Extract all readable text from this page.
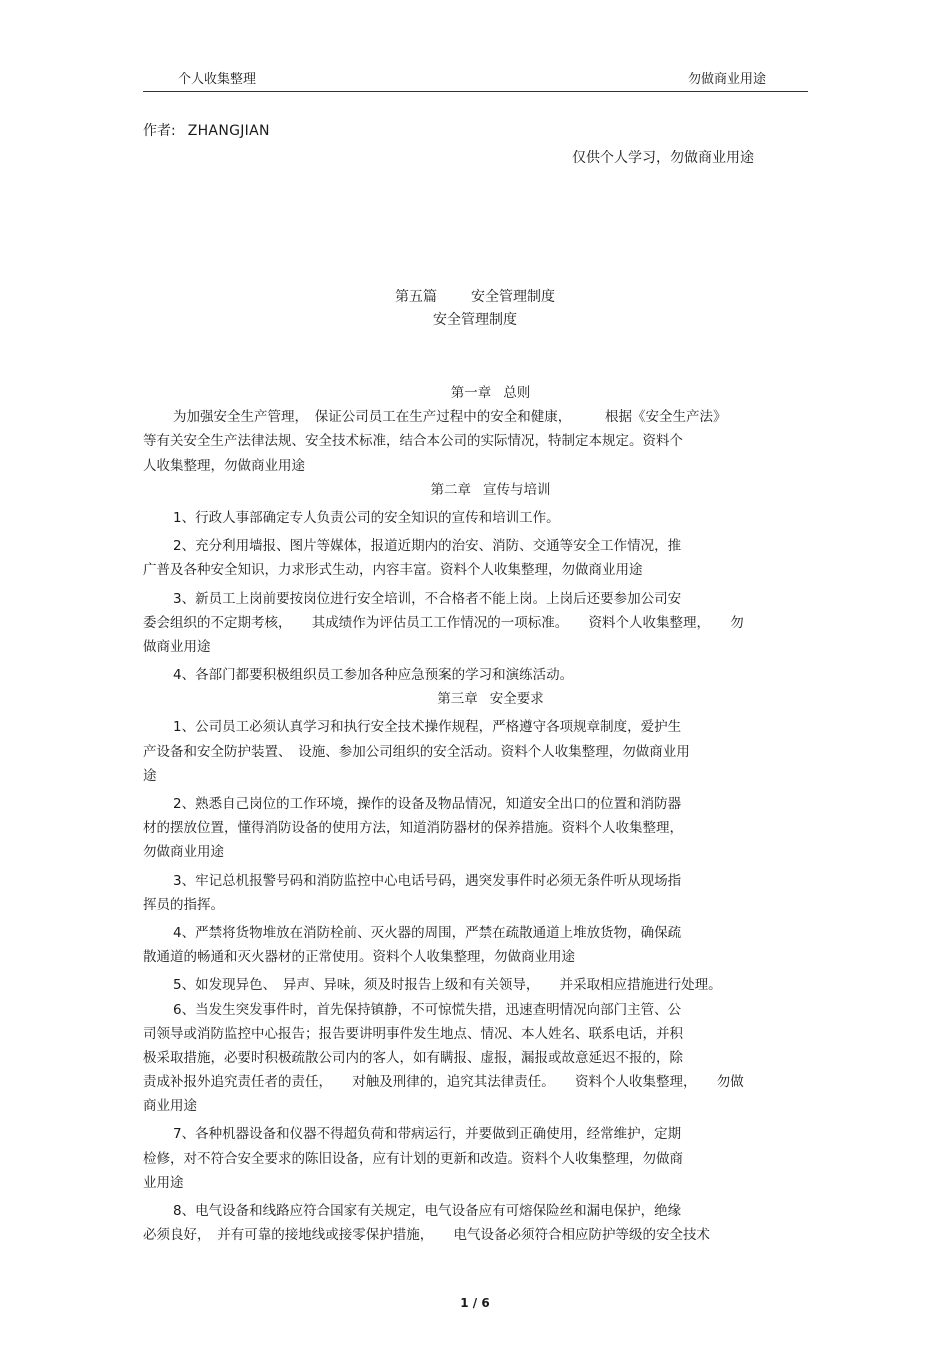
个人收集整理	勿做商业用途
作者: ZHANGJIAN
仅供个人学习，勿做商业用途
第五篇 安全管理制度
安全管理制度
第一章 总则
为加强安全生产管理，　保证公司员工在生产过程中的安全和健康，　　　根据《安全生产法》
等有关安全生产法律法规、安全技术标准，结合本公司的实际情况，特制定本规定。资料个
人收集整理，勿做商业用途
第二章 宣传与培训
1、行政人事部确定专人负责公司的安全知识的宣传和培训工作。
2、充分利用墙报、图片等媒体，报道近期内的治安、消防、交通等安全工作情况，推
广普及各种安全知识，力求形式生动，内容丰富。资料个人收集整理，勿做商业用途
3、新员工上岗前要按岗位进行安全培训，不合格者不能上岗。上岗后还要参加公司安
委会组织的不定期考核，　　其成绩作为评估员工工作情况的一项标准。　　资料个人收集整理，　　勿
做商业用途
4、各部门都要积极组织员工参加各种应急预案的学习和演练活动。
第三章 安全要求
1、公司员工必须认真学习和执行安全技术操作规程，严格遵守各项规章制度，爱护生
产设备和安全防护装置、　设施、参加公司组织的安全活动。资料个人收集整理，勿做商业用
途
2、熟悉自己岗位的工作环境，操作的设备及物品情况，知道安全出口的位置和消防器
材的摆放位置，懂得消防设备的使用方法，知道消防器材的保养措施。资料个人收集整理，
勿做商业用途
3、牢记总机报警号码和消防监控中心电话号码，遇突发事件时必须无条件听从现场指
挥员的指挥。
4、严禁将货物堆放在消防栓前、灭火器的周围，严禁在疏散通道上堆放货物，确保疏
散通道的畅通和灭火器材的正常使用。资料个人收集整理，勿做商业用途
5、如发现异色、　异声、异味，须及时报告上级和有关领导，　　并采取相应措施进行处理。
6、当发生突发事件时，首先保持镇静，不可惊慌失措，迅速查明情况向部门主管、公
司领导或消防监控中心报告；报告要讲明事件发生地点、情况、本人姓名、联系电话，并积
极采取措施，必要时积极疏散公司内的客人，如有瞒报、虚报，漏报或故意延迟不报的，除
责成补报外追究责任者的责任，　　对触及刑律的，追究其法律责任。　　资料个人收集整理，　　勿做
商业用途
7、各种机器设备和仪器不得超负荷和带病运行，并要做到正确使用，经常维护，定期
检修，对不符合安全要求的陈旧设备，应有计划的更新和改造。资料个人收集整理，勿做商
业用途
8、电气设备和线路应符合国家有关规定，电气设备应有可熔保险丝和漏电保护，绝缘
必须良好，　并有可靠的接地线或接零保护措施，　　电气设备必须符合相应防护等级的安全技术
1 / 6
